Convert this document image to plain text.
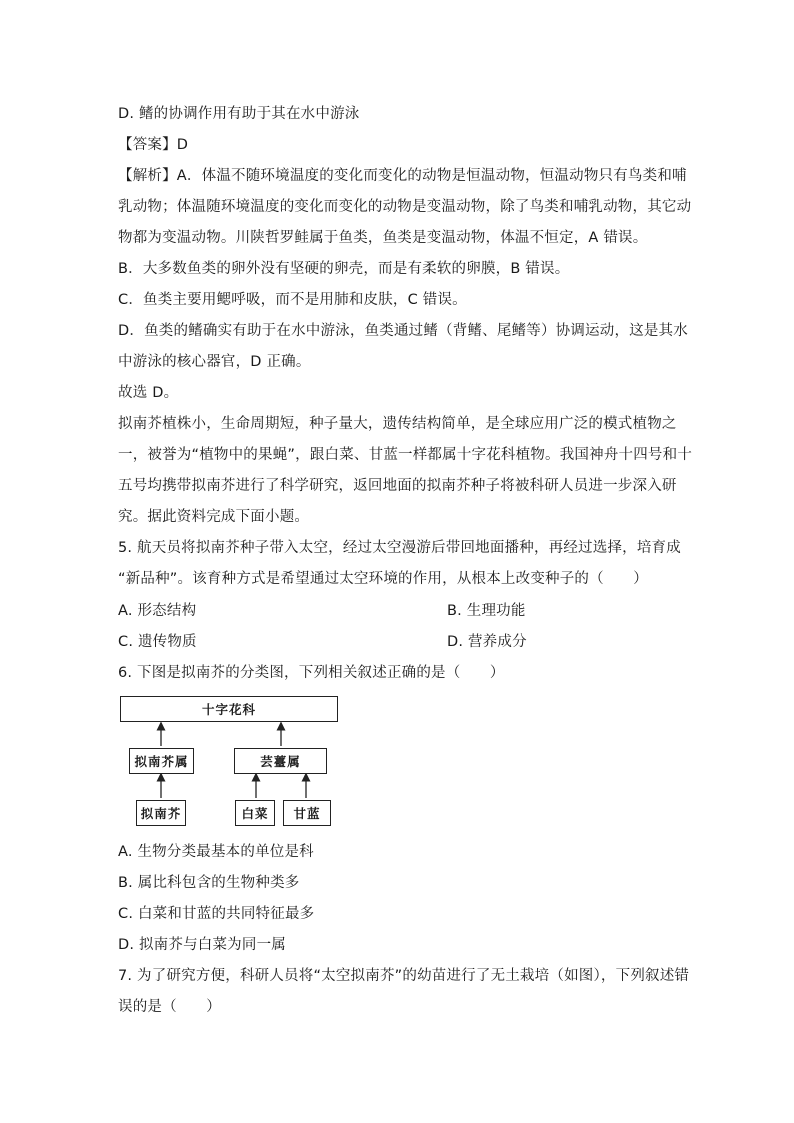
D. 鳍的协调作用有助于其在水中游泳
【答案】D
【解析】A．体温不随环境温度的变化而变化的动物是恒温动物，恒温动物只有鸟类和哺
乳动物；体温随环境温度的变化而变化的动物是变温动物，除了鸟类和哺乳动物，其它动
物都为变温动物。川陕哲罗鲑属于鱼类，鱼类是变温动物，体温不恒定，A 错误。
B．大多数鱼类的卵外没有坚硬的卵壳，而是有柔软的卵膜，B 错误。
C．鱼类主要用鳃呼吸，而不是用肺和皮肤，C 错误。
D．鱼类的鳍确实有助于在水中游泳，鱼类通过鳍（背鳍、尾鳍等）协调运动，这是其水
中游泳的核心器官，D 正确。
故选 D。
拟南芥植株小，生命周期短，种子量大，遗传结构简单，是全球应用广泛的模式植物之
一，被誉为“植物中的果蝇”，跟白菜、甘蓝一样都属十字花科植物。我国神舟十四号和十
五号均携带拟南芥进行了科学研究，返回地面的拟南芥种子将被科研人员进一步深入研
究。据此资料完成下面小题。
5. 航天员将拟南芥种子带入太空，经过太空漫游后带回地面播种，再经过选择，培育成
“新品种”。该育种方式是希望通过太空环境的作用，从根本上改变种子的（　　）
A. 形态结构	B. 生理功能
C. 遗传物质	D. 营养成分
6. 下图是拟南芥的分类图，下列相关叙述正确的是（　　）
十字花科
拟南芥属	芸薹属
拟南芥	白菜	甘蓝
A. 生物分类最基本的单位是科
B. 属比科包含的生物种类多
C. 白菜和甘蓝的共同特征最多
D. 拟南芥与白菜为同一属
7. 为了研究方便，科研人员将“太空拟南芥”的幼苗进行了无土栽培（如图），下列叙述错
误的是（　　）
